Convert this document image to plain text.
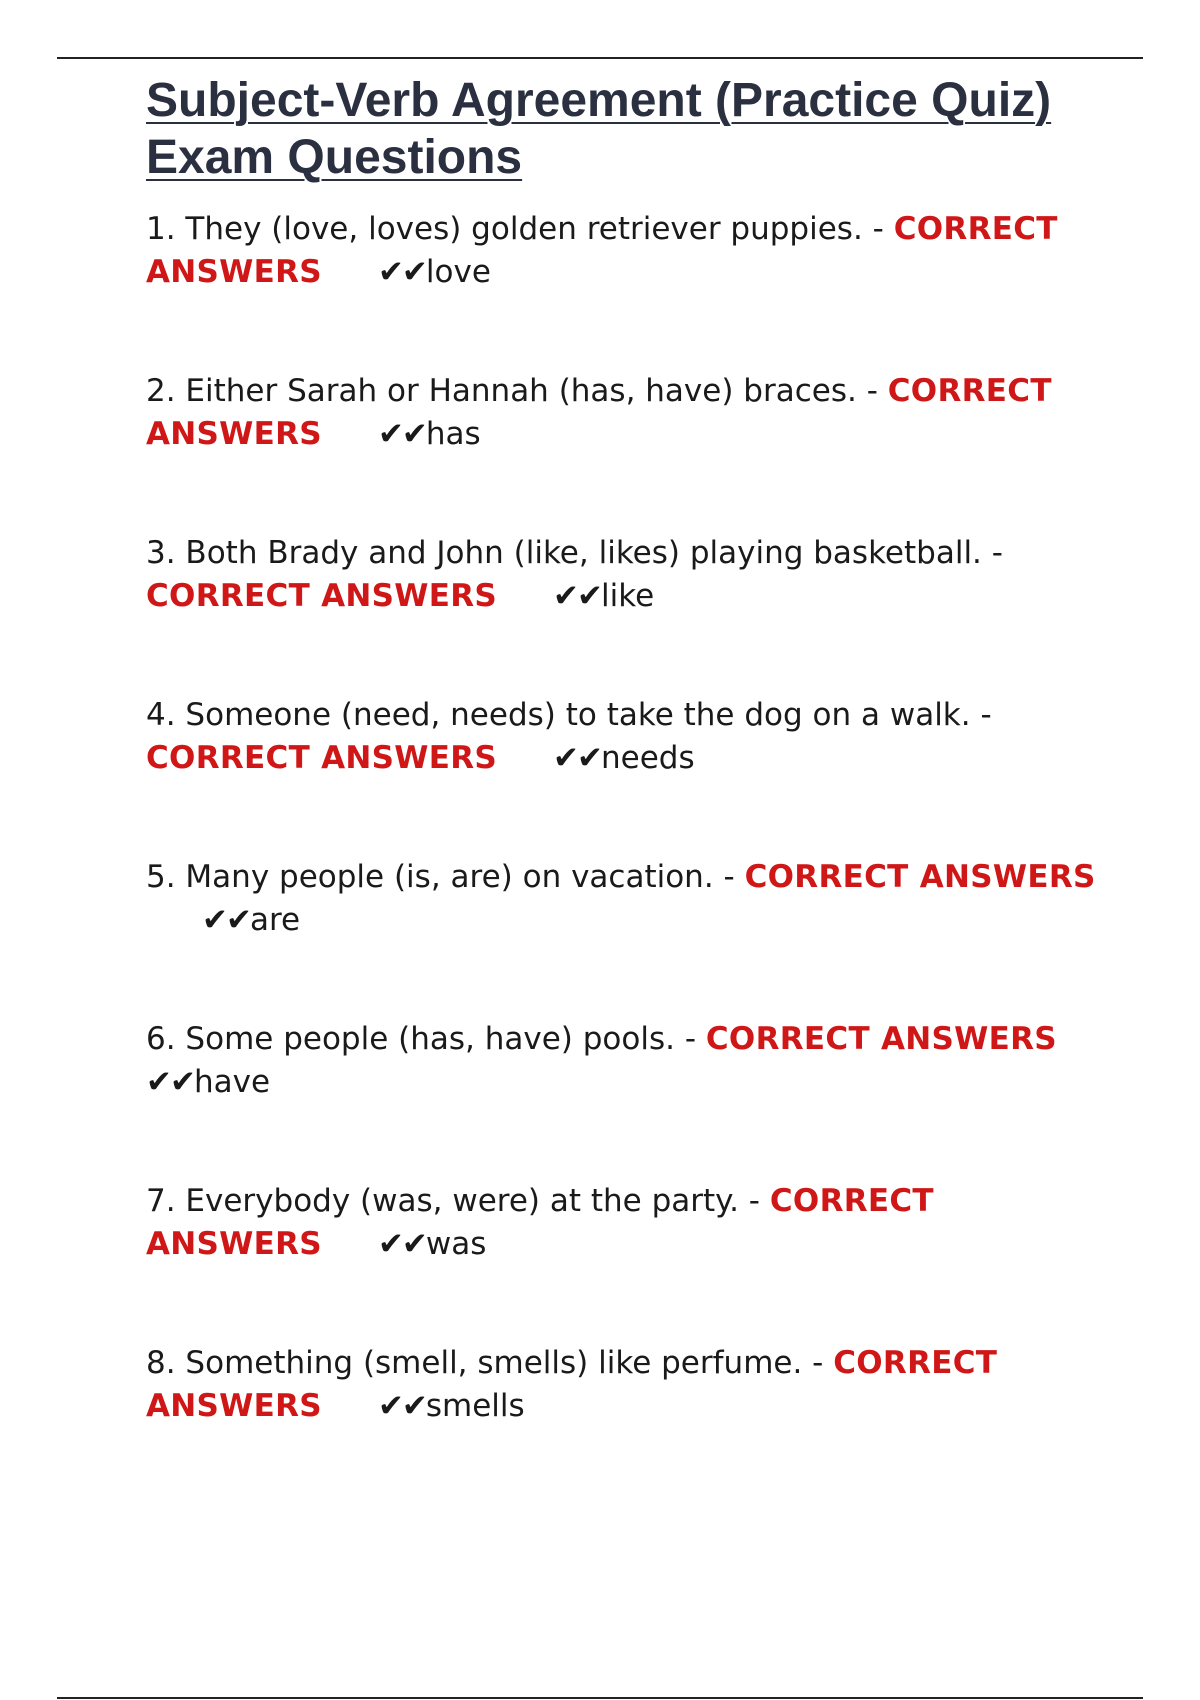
Subject-Verb Agreement (Practice Quiz) Exam Questions

1. They (love, loves) golden retriever puppies. - CORRECT ANSWERS ✔✔love

2. Either Sarah or Hannah (has, have) braces. - CORRECT ANSWERS ✔✔has

3. Both Brady and John (like, likes) playing basketball. - CORRECT ANSWERS ✔✔like

4. Someone (need, needs) to take the dog on a walk. - CORRECT ANSWERS ✔✔needs

5. Many people (is, are) on vacation. - CORRECT ANSWERS✔✔are

6. Some people (has, have) pools. - CORRECT ANSWERS
✔✔have

7. Everybody (was, were) at the party. - CORRECT ANSWERS ✔✔was

8. Something (smell, smells) like perfume. - CORRECT ANSWERS ✔✔smells
